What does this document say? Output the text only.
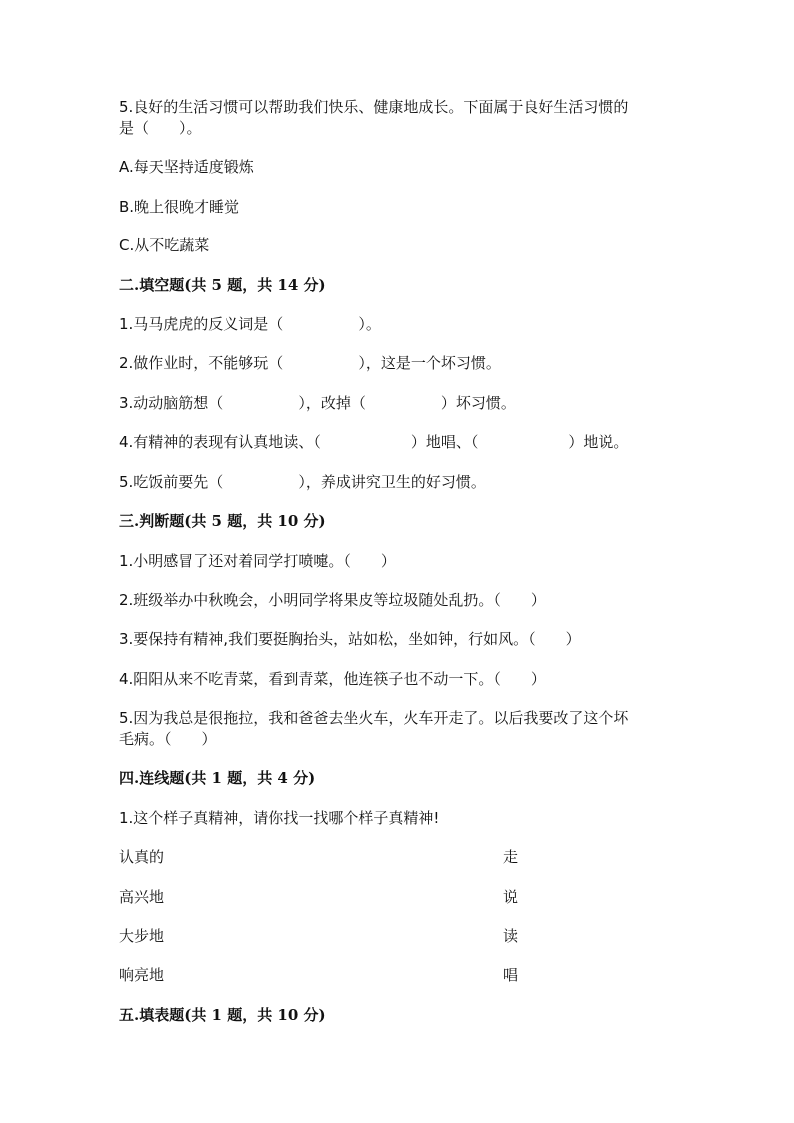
5.良好的生活习惯可以帮助我们快乐、健康地成长。下面属于良好生活习惯的
是（　　）。
A.每天坚持适度锻炼
B.晚上很晚才睡觉
C.从不吃蔬菜
二.填空题(共 5 题，共 14 分)
1.马马虎虎的反义词是（　　　　　）。
2.做作业时，不能够玩（　　　　　），这是一个坏习惯。
3.动动脑筋想（　　　　　），改掉（　　　　　）坏习惯。
4.有精神的表现有认真地读、（　　　　　　）地唱、（　　　　　　）地说。
5.吃饭前要先（　　　　　），养成讲究卫生的好习惯。
三.判断题(共 5 题，共 10 分)
1.小明感冒了还对着同学打喷嚏。（　　）
2.班级举办中秋晚会，小明同学将果皮等垃圾随处乱扔。（　　）
3.要保持有精神,我们要挺胸抬头，站如松，坐如钟，行如风。（　　）
4.阳阳从来不吃青菜，看到青菜，他连筷子也不动一下。（　　）
5.因为我总是很拖拉，我和爸爸去坐火车，火车开走了。以后我要改了这个坏
毛病。（　　）
四.连线题(共 1 题，共 4 分)
1.这个样子真精神，请你找一找哪个样子真精神!
认真的	走
高兴地	说
大步地	读
响亮地	唱
五.填表题(共 1 题，共 10 分)
